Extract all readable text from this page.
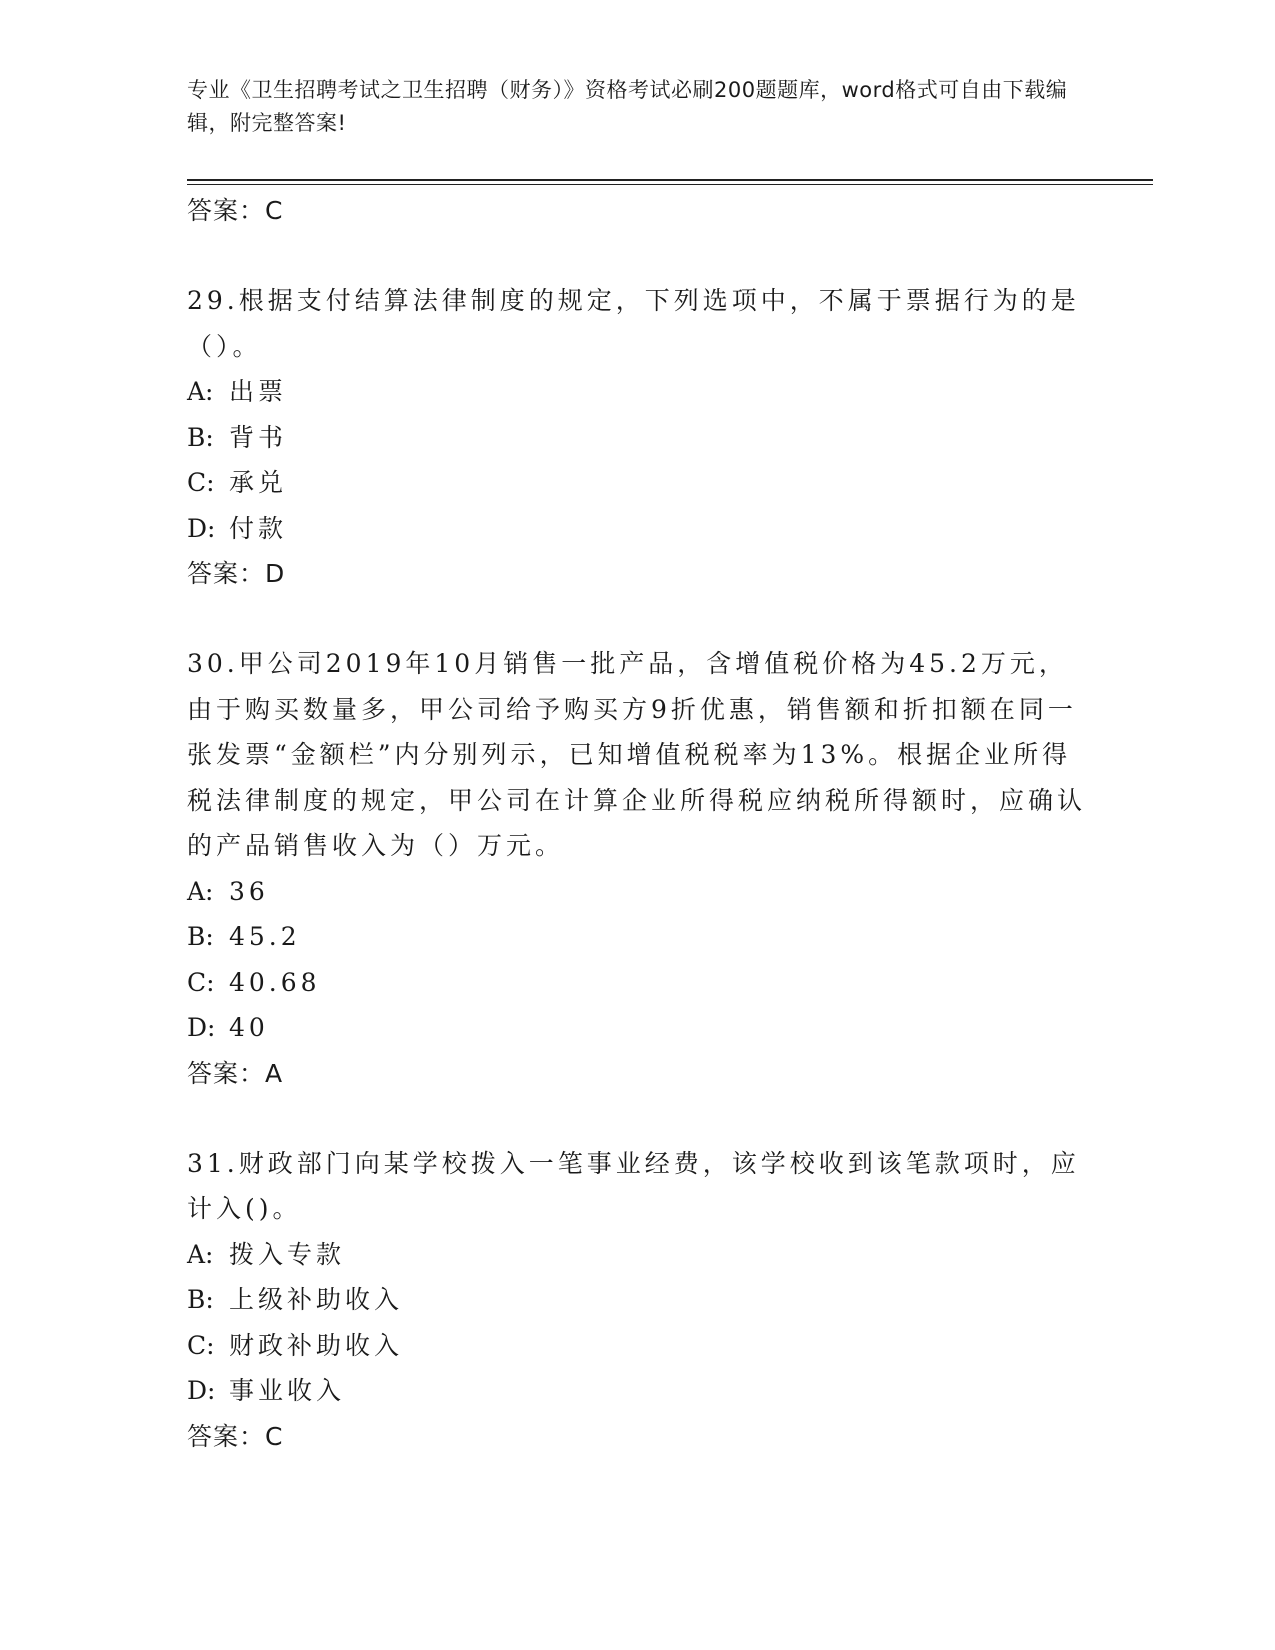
专业《卫生招聘考试之卫生招聘（财务）》资格考试必刷200题题库，word格式可自由下载编辑，附完整答案!
答案：C
29.根据支付结算法律制度的规定，下列选项中，不属于票据行为的是（）。
A: 出票
B: 背书
C: 承兑
D: 付款
答案：D
30.甲公司2019年10月销售一批产品，含增值税价格为45.2万元，由于购买数量多，甲公司给予购买方9折优惠，销售额和折扣额在同一张发票“金额栏”内分别列示，已知增值税税率为13%。根据企业所得税法律制度的规定，甲公司在计算企业所得税应纳税所得额时，应确认的产品销售收入为（）万元。
A: 36
B: 45.2
C: 40.68
D: 40
答案：A
31.财政部门向某学校拨入一笔事业经费，该学校收到该笔款项时，应计入()。
A: 拨入专款
B: 上级补助收入
C: 财政补助收入
D: 事业收入
答案：C
